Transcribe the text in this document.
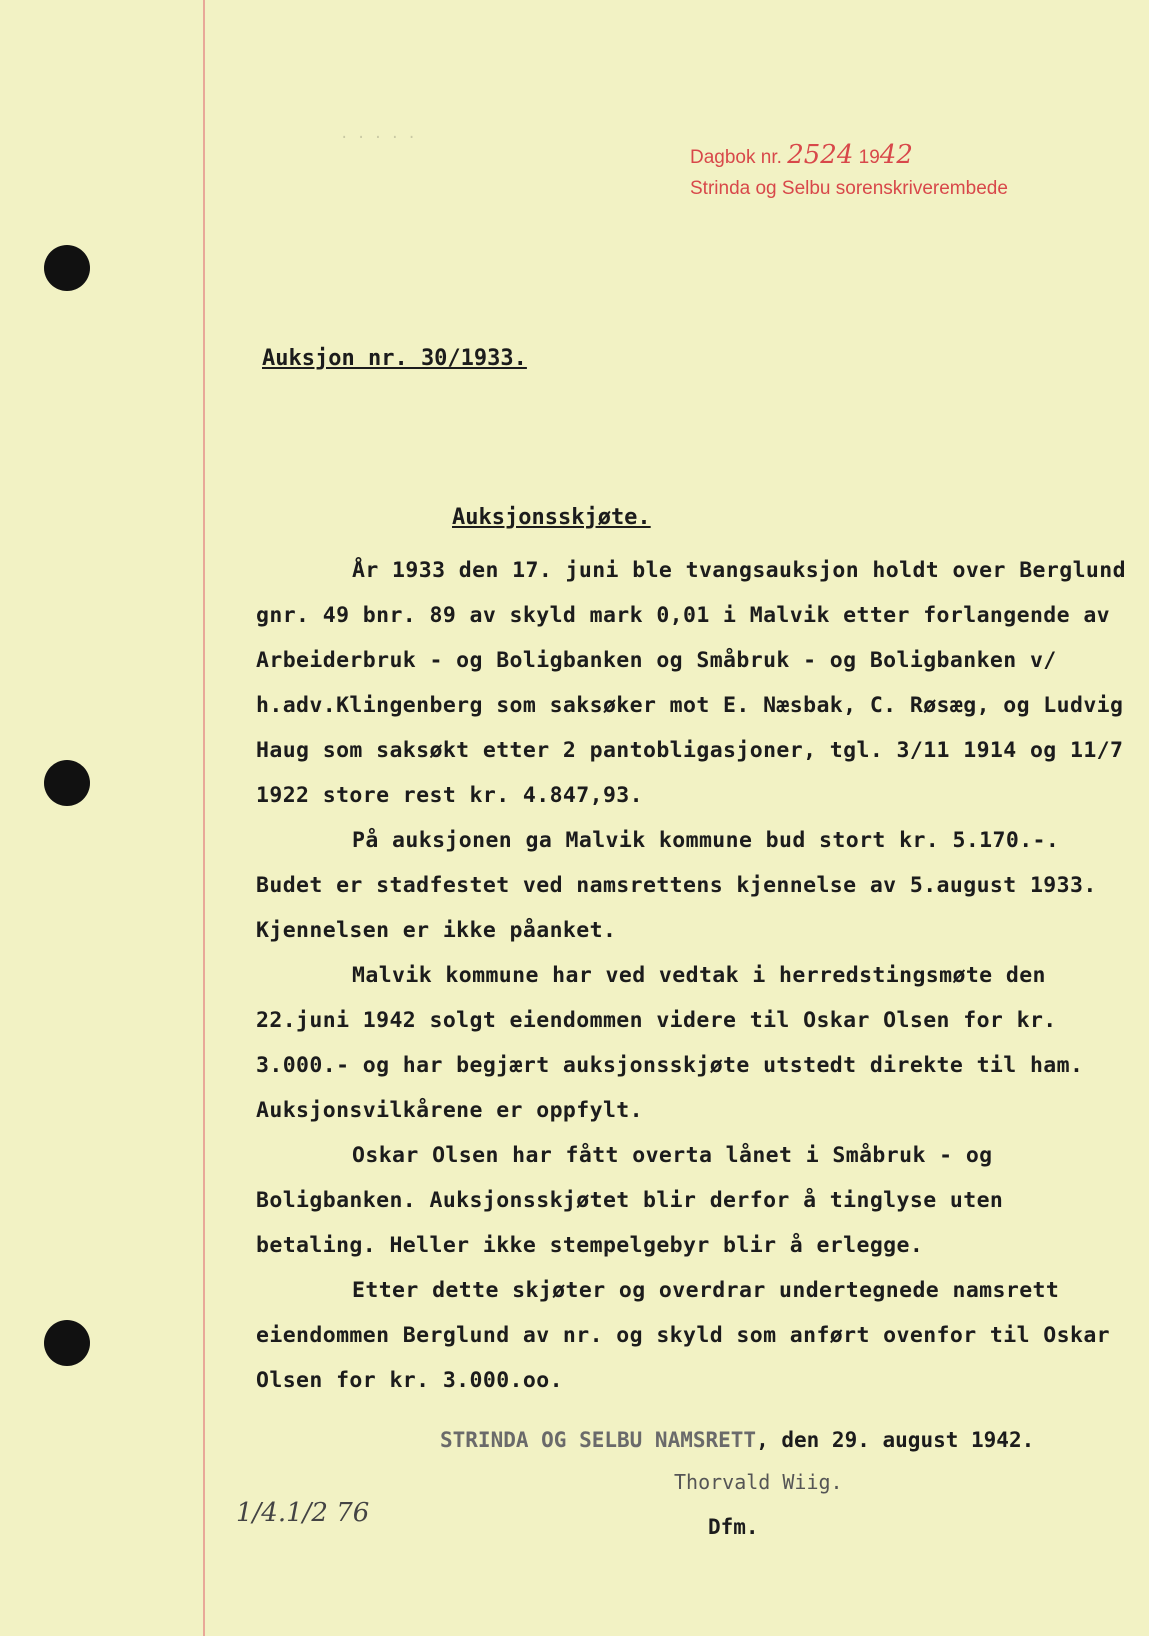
· · · · ·
Dagbok nr. 2524 1942
Strinda og Selbu sorenskriverembede
Auksjon nr. 30/1933.
Auksjonsskjøte.

År 1933 den 17. juni ble tvangsauksjon holdt over Berglund gnr. 49 bnr. 89 av skyld mark 0,01 i Malvik etter forlangende av Arbeiderbruk - og Boligbanken og Småbruk - og Boligbanken v/ h.adv.Klingenberg som saksøker mot E. Næsbak, C. Røsæg, og Ludvig Haug som saksøkt etter 2 pantobligasjoner, tgl. 3/11 1914 og 11/7 1922 store rest kr. 4.847,93.

På auksjonen ga Malvik kommune bud stort kr. 5.170.-. Budet er stadfestet ved namsrettens kjennelse av 5.august 1933. Kjennelsen er ikke påanket.

Malvik kommune har ved vedtak i herredstingsmøte den 22.juni 1942 solgt eiendommen videre til Oskar Olsen for kr. 3.000.- og har begjært auksjonsskjøte utstedt direkte til ham. Auksjonsvilkårene er oppfylt.

Oskar Olsen har fått overta lånet i Småbruk - og Boligbanken. Auksjonsskjøtet blir derfor å tinglyse uten betaling. Heller ikke stempelgebyr blir å erlegge.

Etter dette skjøter og overdrar undertegnede namsrett eiendommen Berglund av nr. og skyld som anført ovenfor til Oskar Olsen for kr. 3.000.oo.

STRINDA OG SELBU NAMSRETT, den 29. august 1942.
Thorvald Wiig.
Dfm.
1/4.1/2 76
